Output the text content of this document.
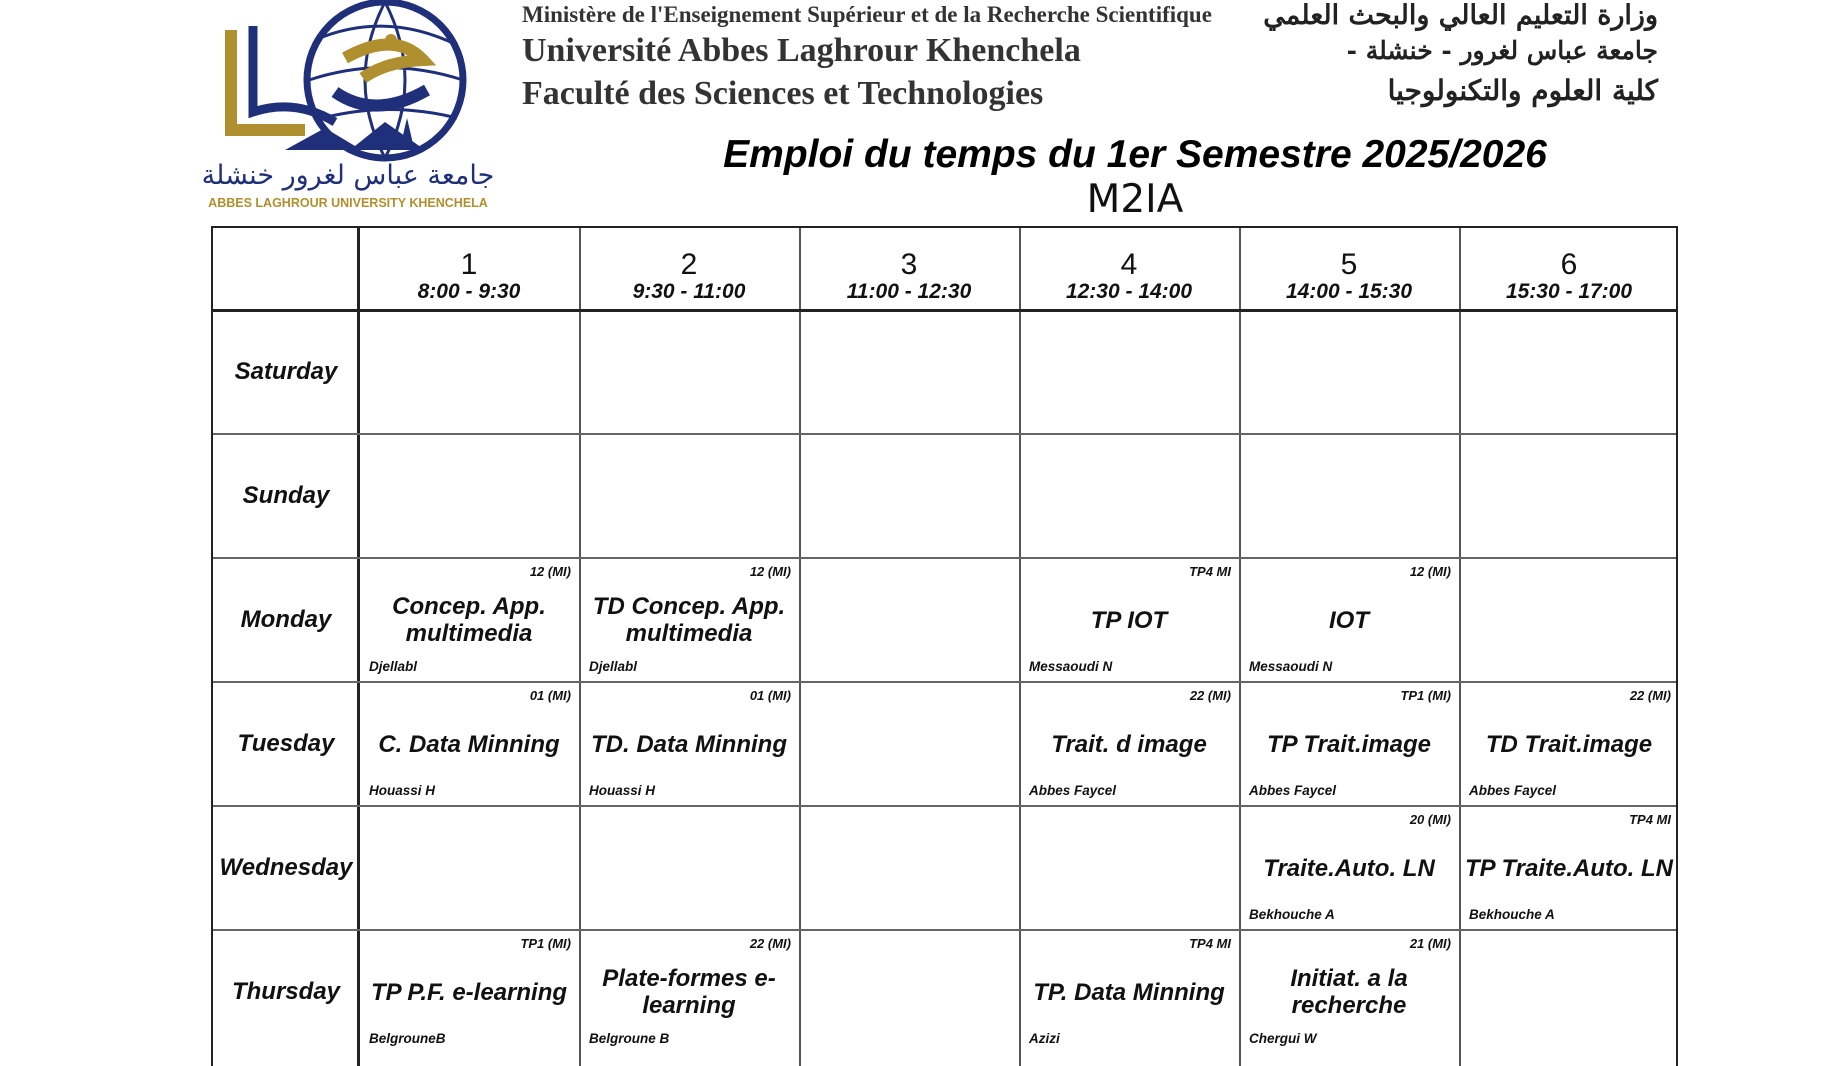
جامعة عباس لغرور خنشلة
ABBES LAGHROUR UNIVERSITY KHENCHELA
Ministère de l'Enseignement Supérieur et de la Recherche Scientifique
Université Abbes Laghrour Khenchela
Faculté des Sciences et Technologies
وزارة التعليم العالي والبحث العلمي
جامعة عباس لغرور - خنشلة -
كلية العلوم والتكنولوجيا
Emploi du temps du 1er Semestre 2025/2026
M2IA
1
8:00 - 9:30
2
9:30 - 11:00
3
11:00 - 12:30
4
12:30 - 14:00
5
14:00 - 15:30
6
15:30 - 17:00
Saturday
Sunday
Monday
Tuesday
Wednesday
Thursday
12 (MI)
Concep. App. multimedia
Djellabl
12 (MI)
TD Concep. App. multimedia
Djellabl
TP4 MI
TP IOT
Messaoudi N
12 (MI)
IOT
Messaoudi N
01 (MI)
C. Data Minning
Houassi H
01 (MI)
TD. Data Minning
Houassi H
22 (MI)
Trait. d image
Abbes Faycel
TP1 (MI)
TP Trait.image
Abbes Faycel
22 (MI)
TD Trait.image
Abbes Faycel
20 (MI)
Traite.Auto. LN
Bekhouche A
TP4 MI
TP Traite.Auto. LN
Bekhouche A
TP1 (MI)
TP P.F. e-learning
BelgrouneB
22 (MI)
Plate-formes e-learning
Belgroune B
TP4 MI
TP. Data Minning
Azizi
21 (MI)
Initiat. a la recherche
Chergui W
